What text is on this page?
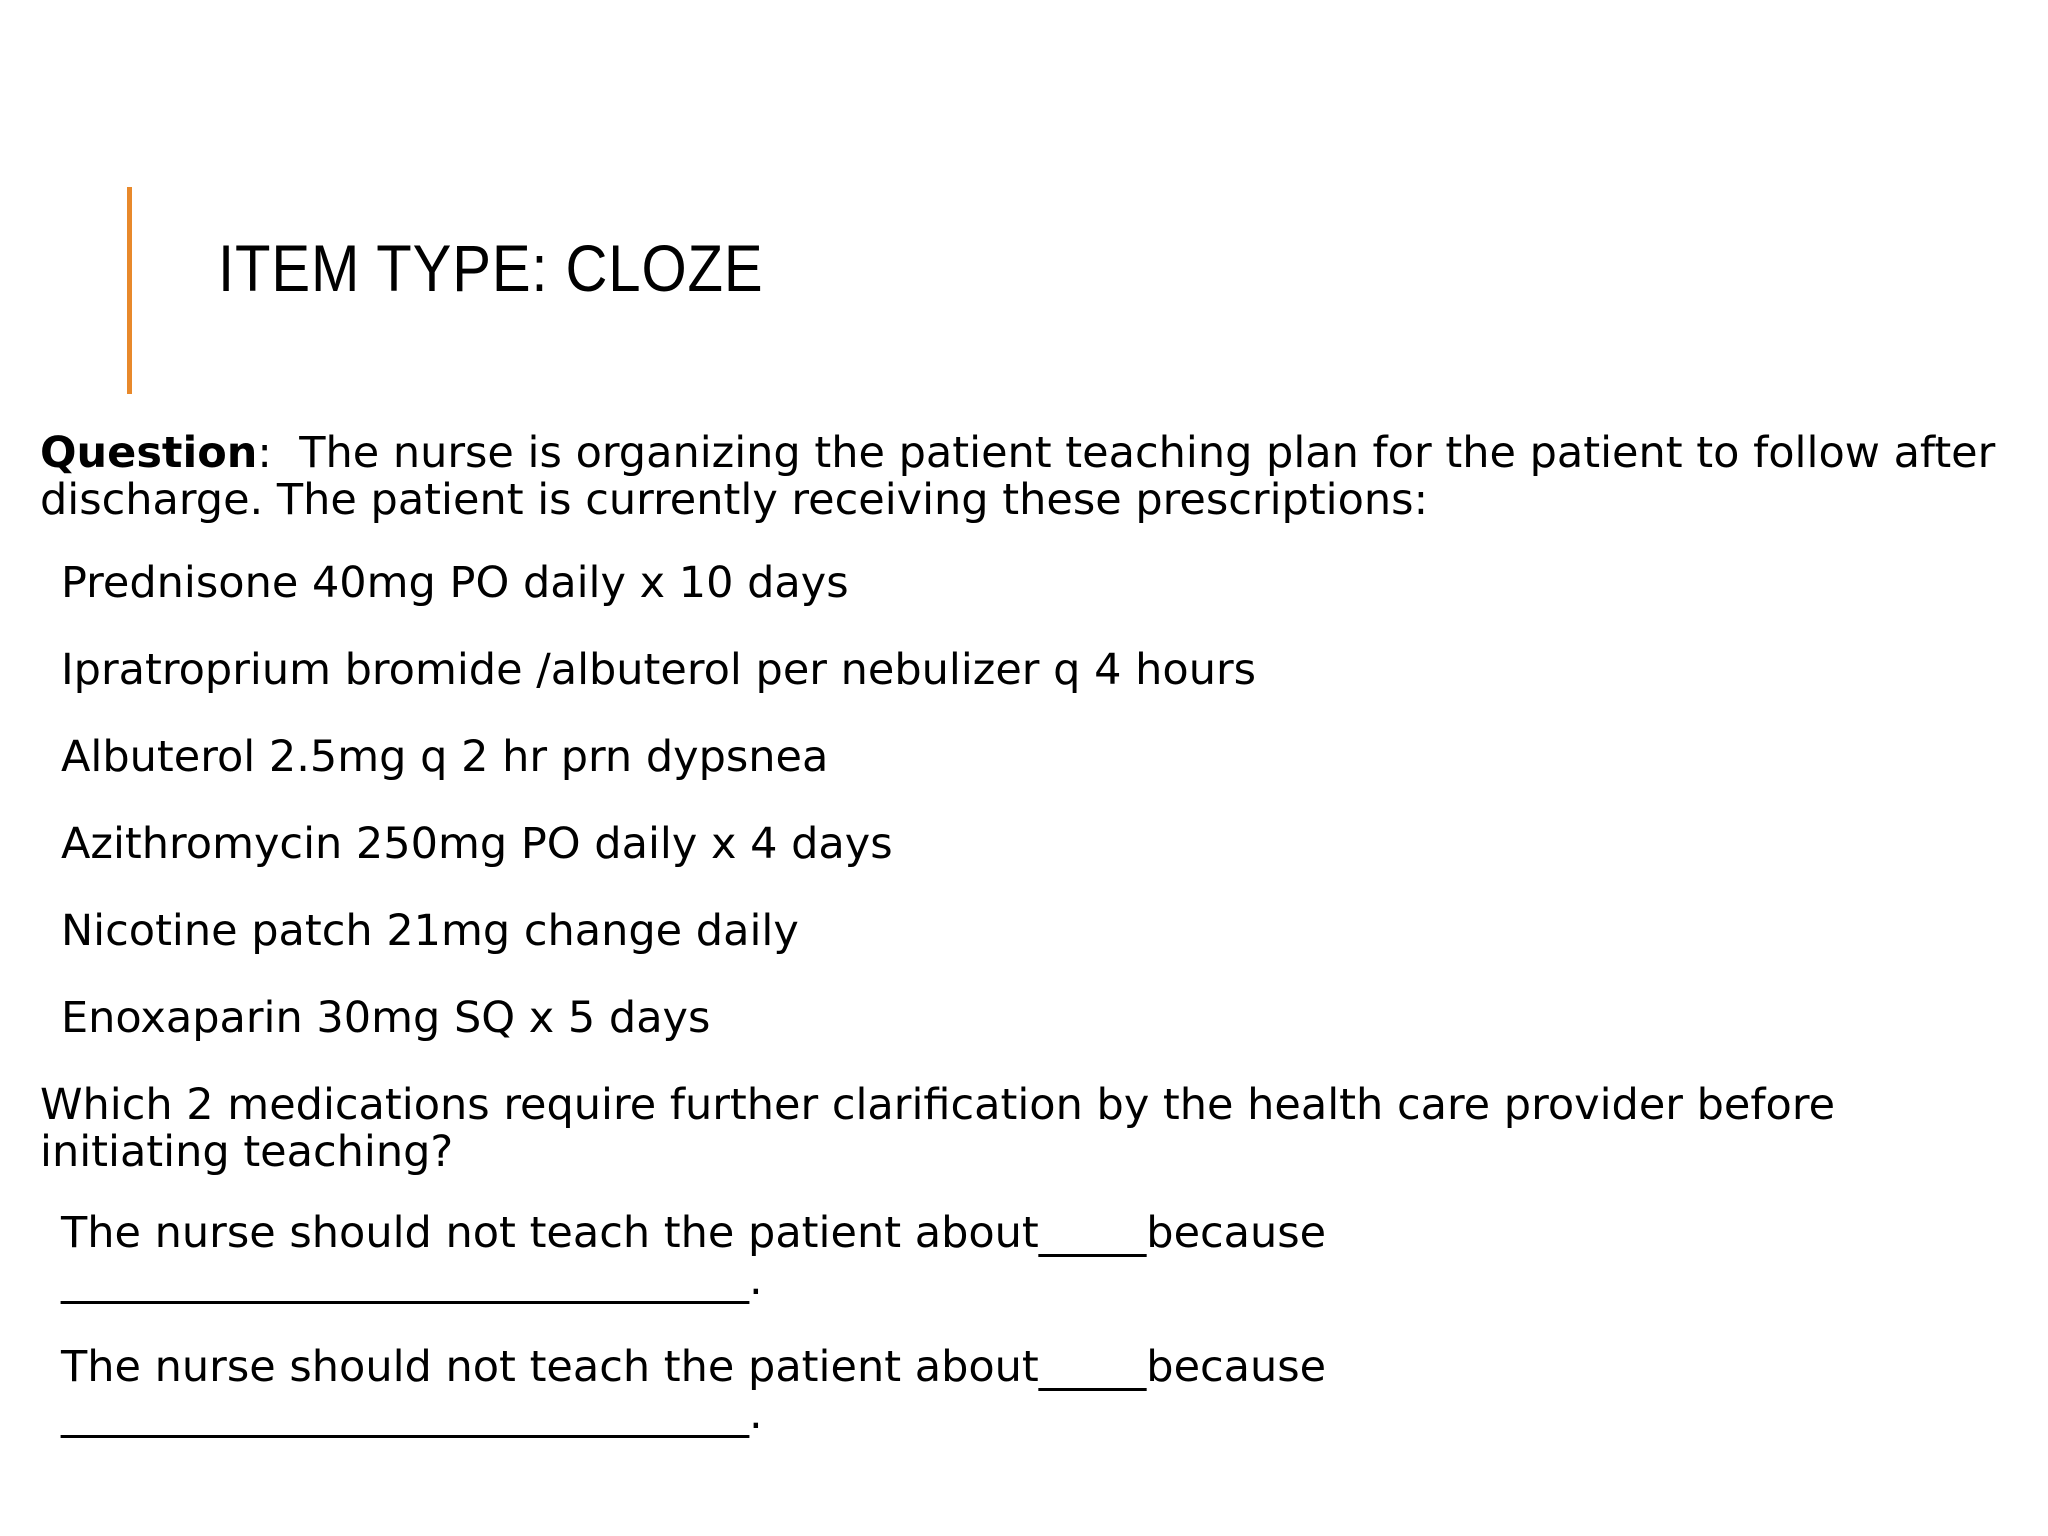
ITEM TYPE: CLOZE

Question:  The nurse is organizing the patient teaching plan for the patient to follow after discharge. The patient is currently receiving these prescriptions:

Prednisone 40mg PO daily x 10 days

Ipratroprium bromide /albuterol per nebulizer q 4 hours

Albuterol 2.5mg q 2 hr prn dypsnea

Azithromycin 250mg PO daily x 4 days

Nicotine patch 21mg change daily

Enoxaparin 30mg SQ x 5 days

Which 2 medications require further clarification by the health care provider before initiating teaching?

The nurse should not teach the patient about_____because
________________________________.
The nurse should not teach the patient about_____because
________________________________.
